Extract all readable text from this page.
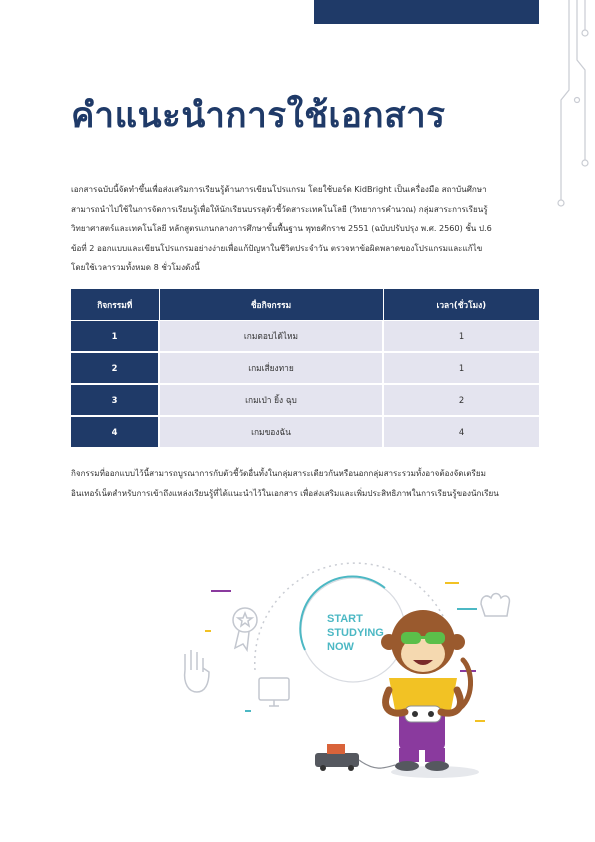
คำแนะนำการใช้เอกสาร

เอกสารฉบับนี้จัดทำขึ้นเพื่อส่งเสริมการเรียนรู้ด้านการเขียนโปรแกรม โดยใช้บอร์ด KidBright เป็นเครื่องมือ สถาบันศึกษา
สามารถนำไปใช้ในการจัดการเรียนรู้เพื่อให้นักเรียนบรรลุตัวชี้วัดสาระเทคโนโลยี (วิทยาการคำนวณ) กลุ่มสาระการเรียนรู้
วิทยาศาสตร์และเทคโนโลยี หลักสูตรแกนกลางการศึกษาขั้นพื้นฐาน พุทธศักราช 2551 (ฉบับปรับปรุง พ.ศ. 2560) ชั้น ป.6
ข้อที่ 2 ออกแบบและเขียนโปรแกรมอย่างง่ายเพื่อแก้ปัญหาในชีวิตประจำวัน ตรวจหาข้อผิดพลาดของโปรแกรมและแก้ไข
โดยใช้เวลารวมทั้งหมด 8 ชั่วโมงดังนี้

กิจกรรมที่	ชื่อกิจกรรม	เวลา(ชั่วโมง)
1	เกมตอบได้ไหม	1
2	เกมเสี่ยงทาย	1
3	เกมเป่า ยิ้ง ฉุบ	2
4	เกมของฉัน	4

กิจกรรมที่ออกแบบไว้นี้สามารถบูรณาการกับตัวชี้วัดอื่นทั้งในกลุ่มสาระเดียวกันหรือนอกกลุ่มสาระรวมทั้งอาจต้องจัดเตรียม
อินเทอร์เน็ตสำหรับการเข้าถึงแหล่งเรียนรู้ที่ได้แนะนำไว้ในเอกสาร เพื่อส่งเสริมและเพิ่มประสิทธิภาพในการเรียนรู้ของนักเรียน

START
STUDYING
NOW
